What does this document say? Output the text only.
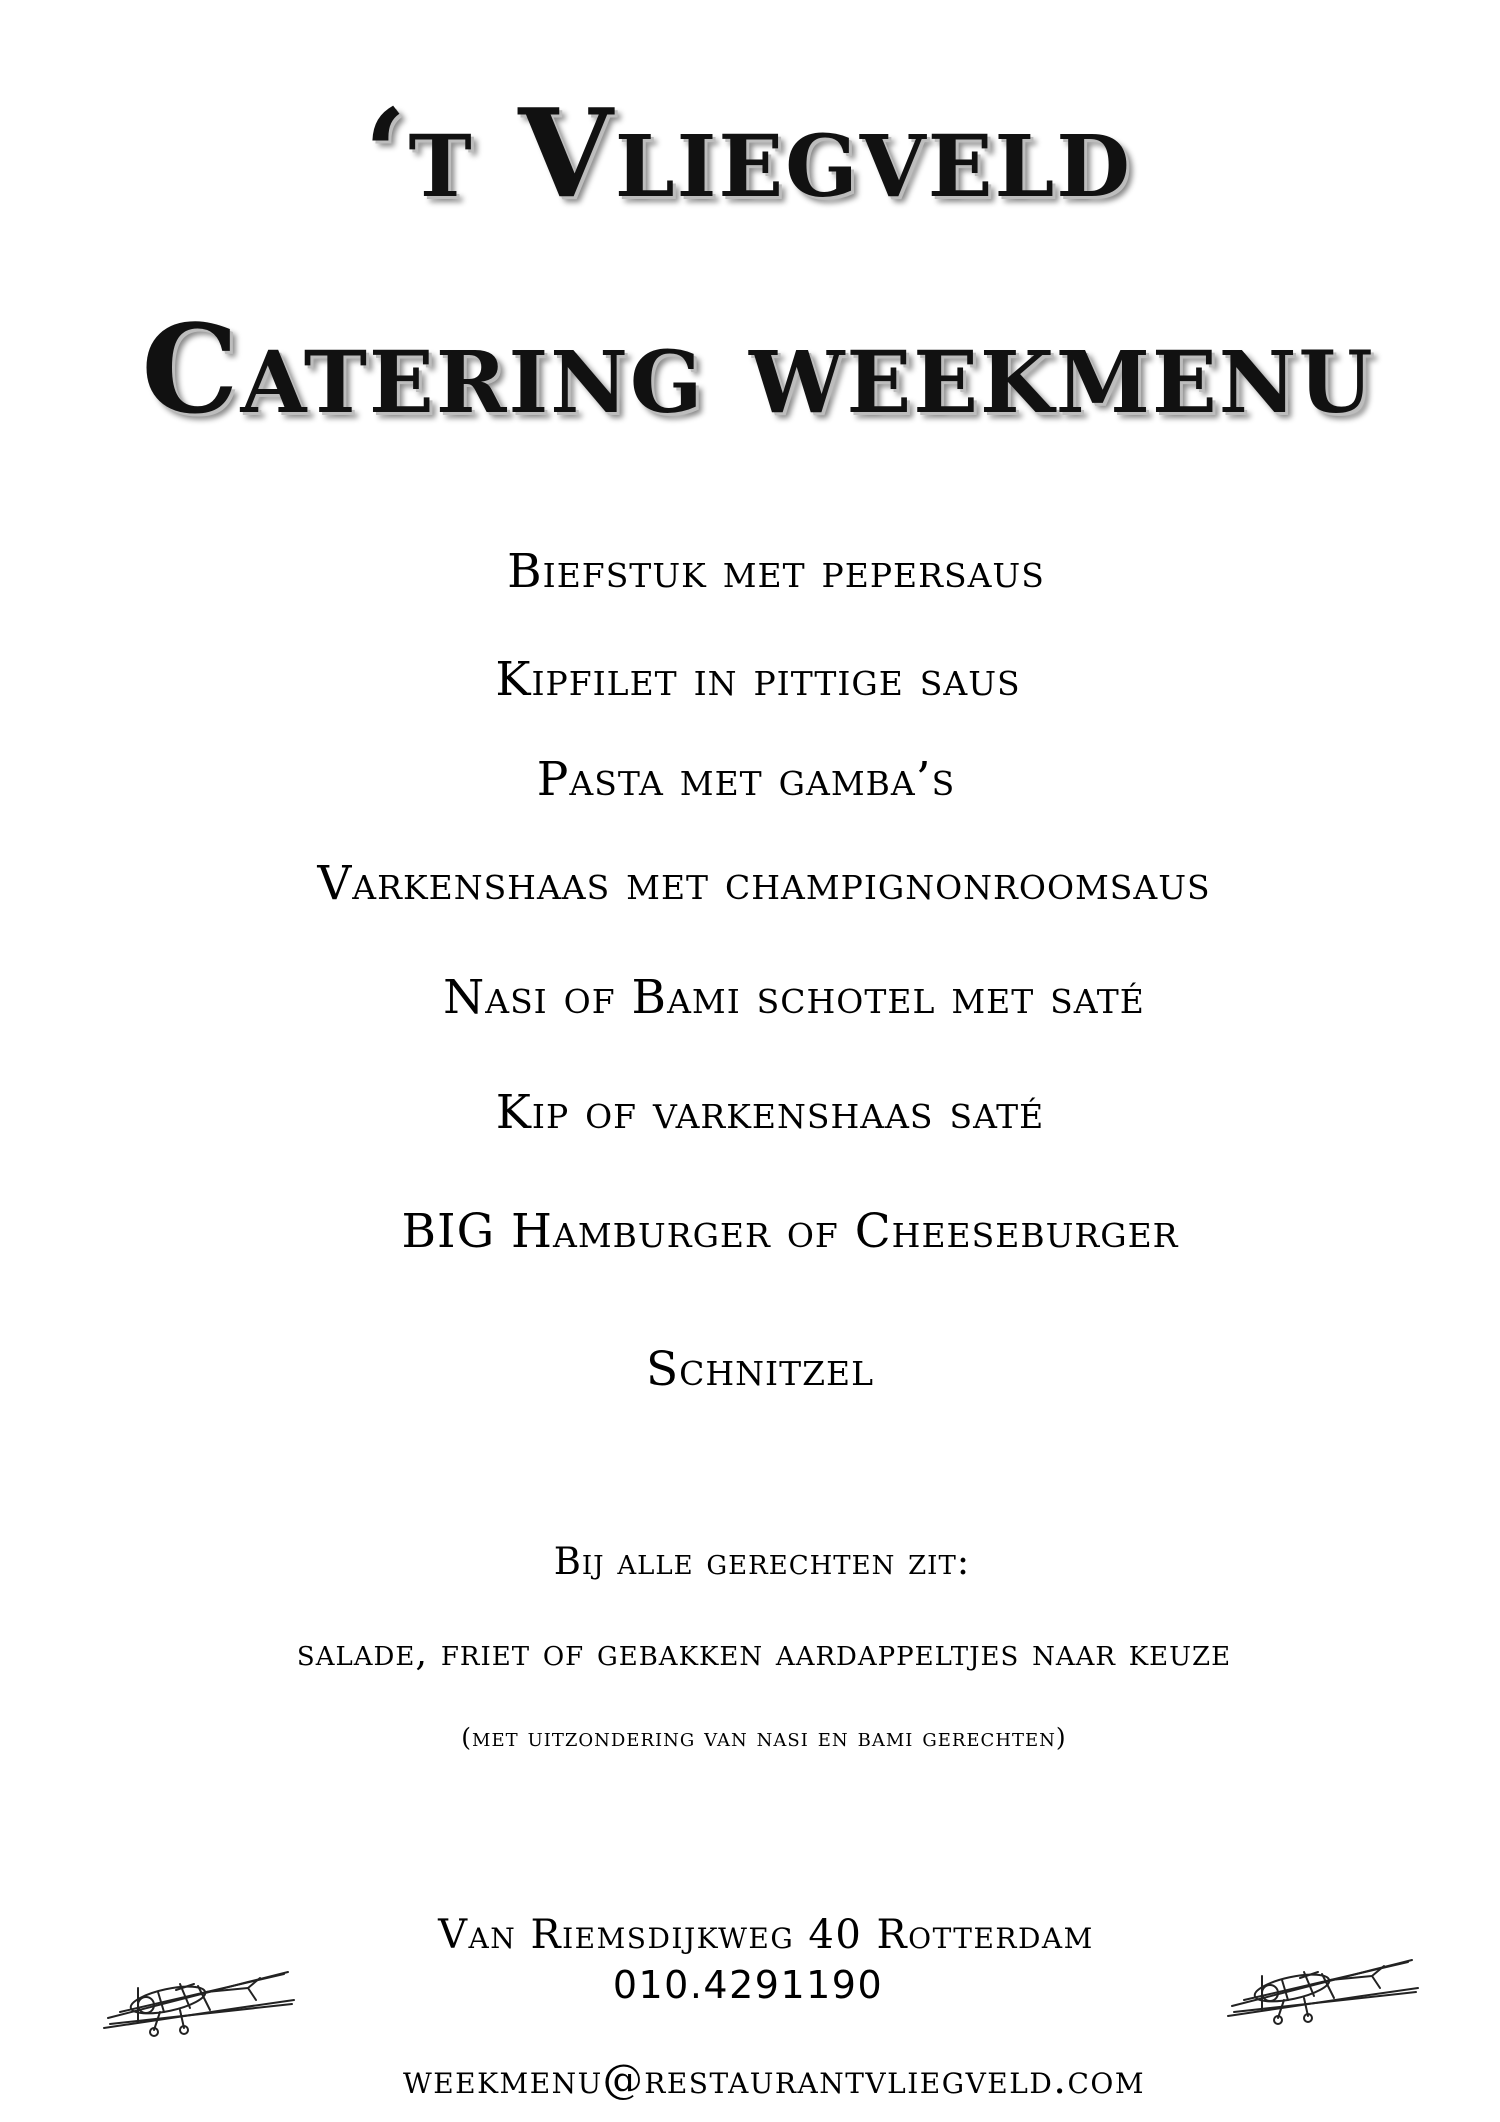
‘t Vliegveld
Catering weekmenu
Biefstuk met pepersaus
Kipfilet in pittige saus
Pasta met gamba’s
Varkenshaas met champignonroomsaus
Nasi of Bami schotel met saté
Kip of varkenshaas saté
BIG Hamburger of Cheeseburger
Schnitzel
Bij alle gerechten zit:
salade, friet of gebakken aardappeltjes naar keuze
(met uitzondering van nasi en bami gerechten)
Van Riemsdijkweg 40 Rotterdam
010.4291190
weekmenu@restaurantvliegveld.com
